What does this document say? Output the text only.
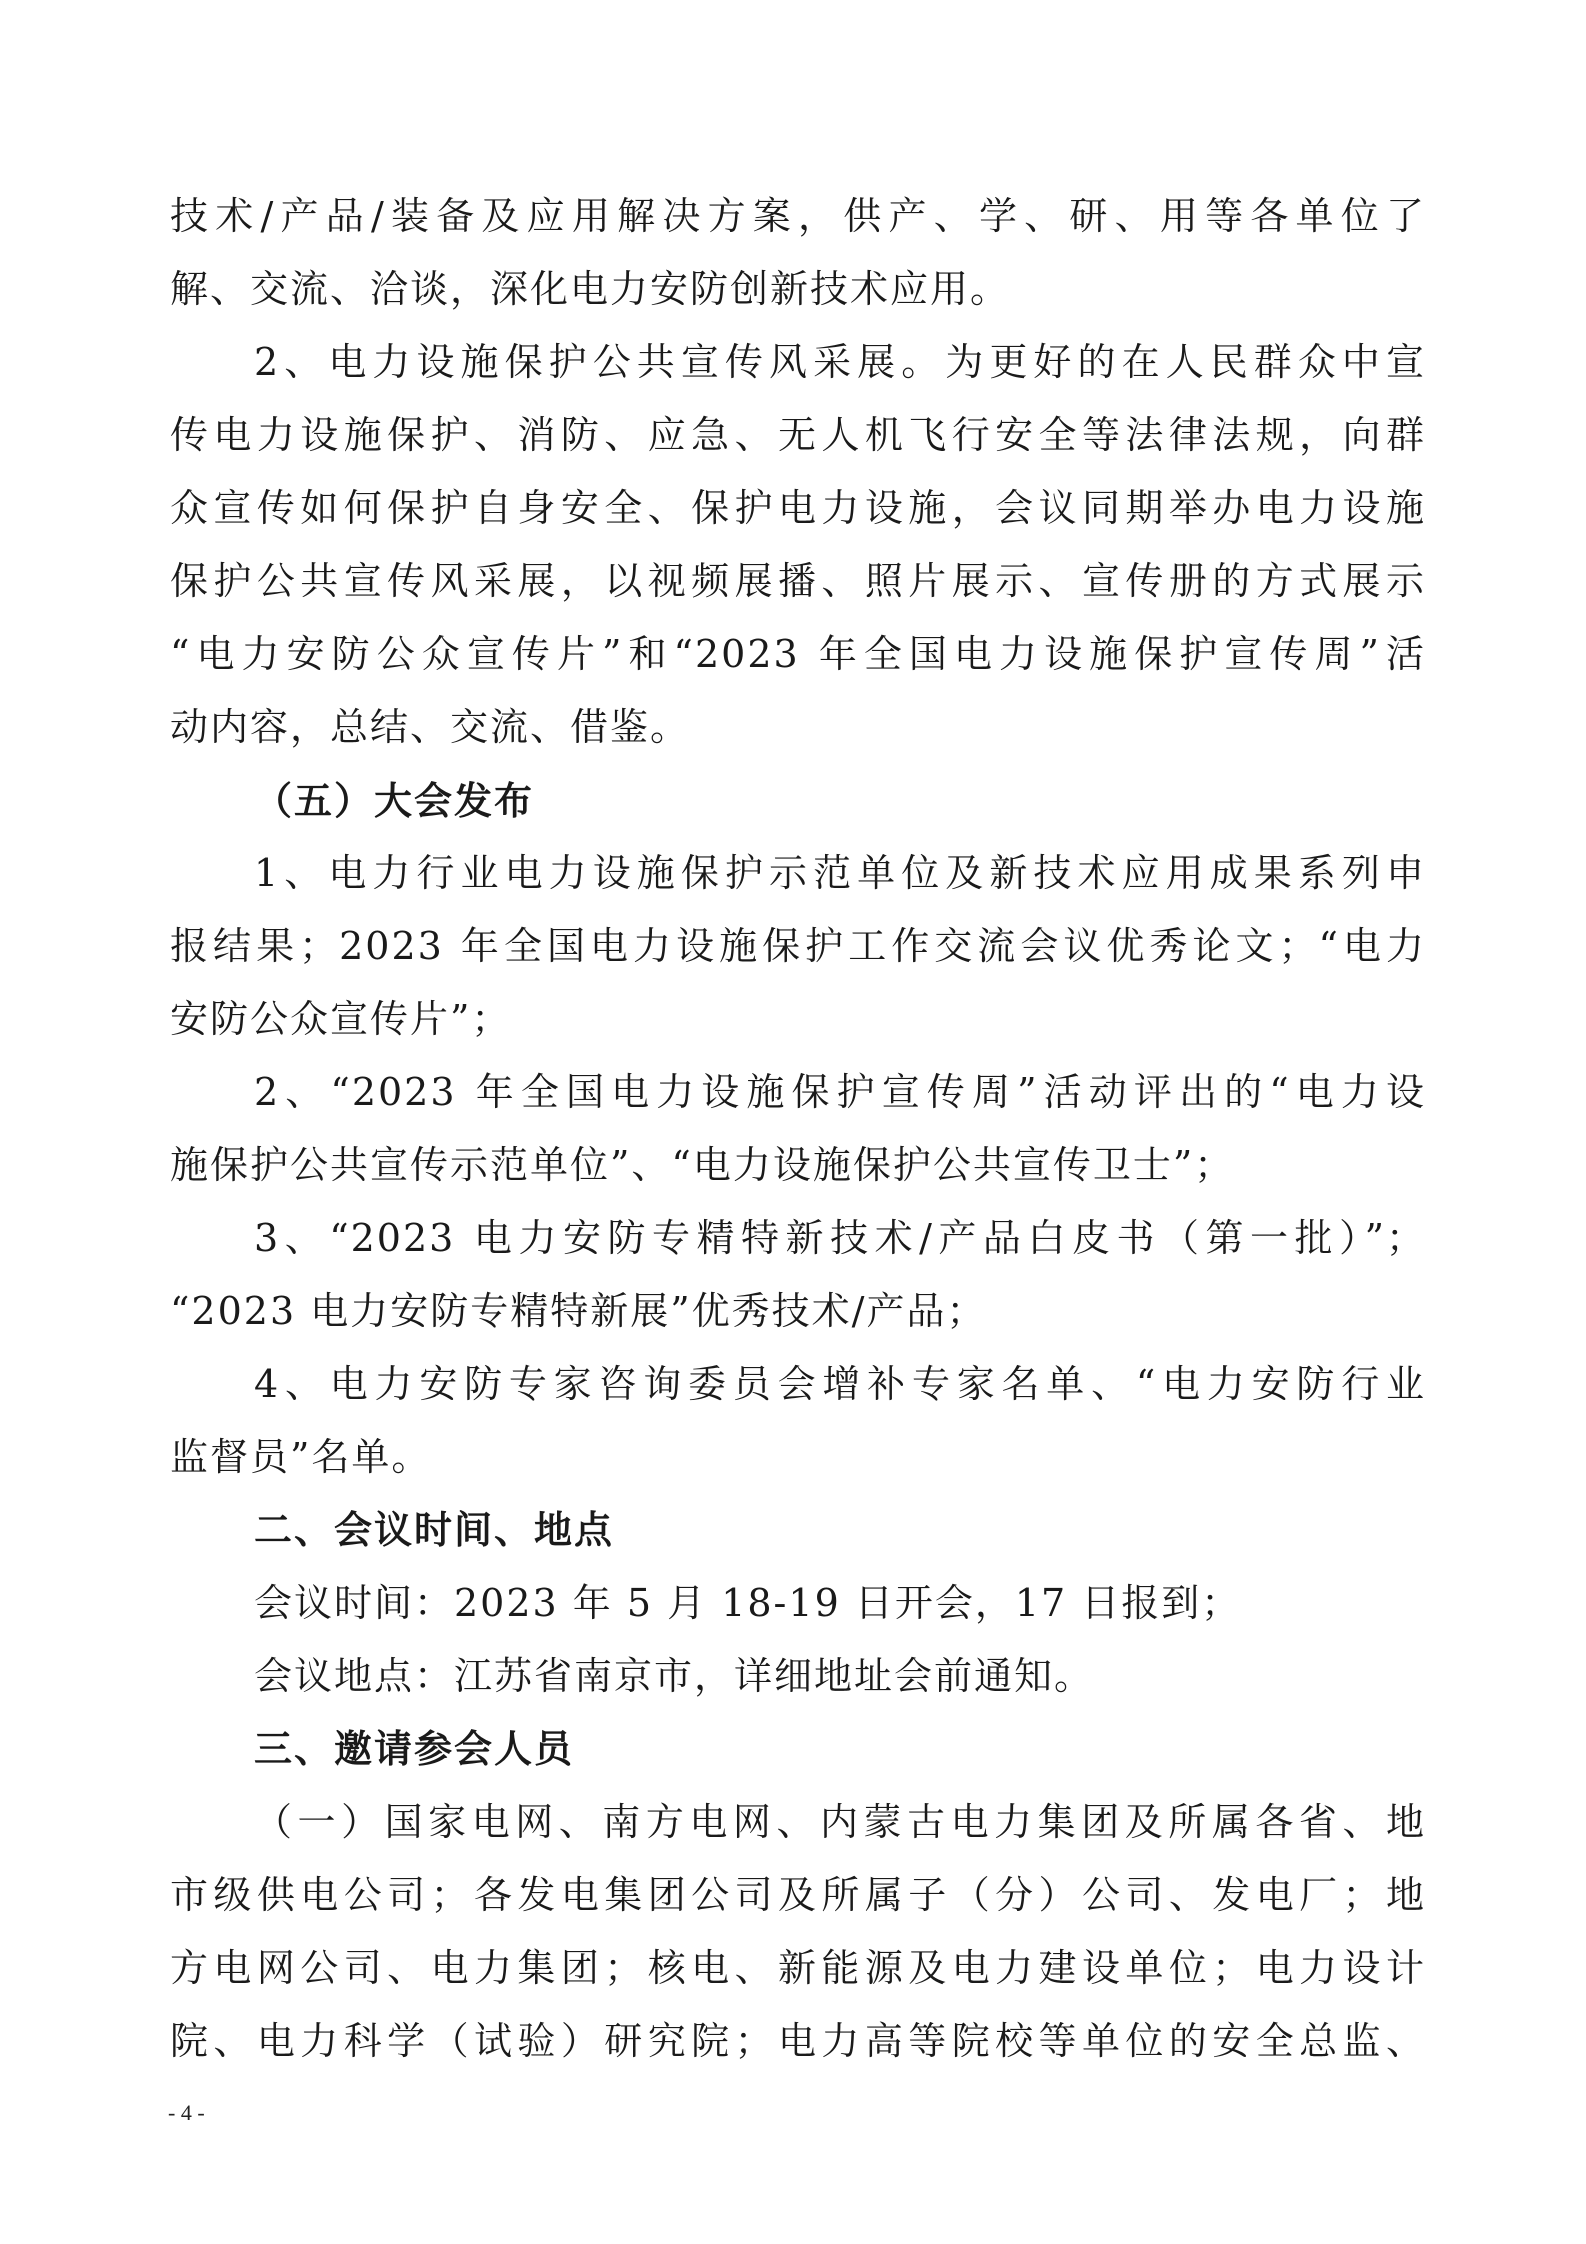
技术/产品/装备及应用解决方案，供产、学、研、用等各单位了
解、交流、洽谈，深化电力安防创新技术应用。
2、电力设施保护公共宣传风采展。为更好的在人民群众中宣
传电力设施保护、消防、应急、无人机飞行安全等法律法规，向群
众宣传如何保护自身安全、保护电力设施，会议同期举办电力设施
保护公共宣传风采展，以视频展播、照片展示、宣传册的方式展示
“电力安防公众宣传片”和“2023 年全国电力设施保护宣传周”活
动内容，总结、交流、借鉴。
（五）大会发布
1、电力行业电力设施保护示范单位及新技术应用成果系列申
报结果；2023 年全国电力设施保护工作交流会议优秀论文；“电力
安防公众宣传片”；
2、“2023 年全国电力设施保护宣传周”活动评出的“电力设
施保护公共宣传示范单位”、“电力设施保护公共宣传卫士”；
3、“2023 电力安防专精特新技术/产品白皮书（第一批）”；
“2023 电力安防专精特新展”优秀技术/产品；
4、电力安防专家咨询委员会增补专家名单、“电力安防行业
监督员”名单。
二、会议时间、地点
会议时间：2023 年 5 月 18-19 日开会，17 日报到；
会议地点：江苏省南京市，详细地址会前通知。
三、邀请参会人员
（一）国家电网、南方电网、内蒙古电力集团及所属各省、地
市级供电公司；各发电集团公司及所属子（分）公司、发电厂；地
方电网公司、电力集团；核电、新能源及电力建设单位；电力设计
院、电力科学（试验）研究院；电力高等院校等单位的安全总监、
- 4 -
